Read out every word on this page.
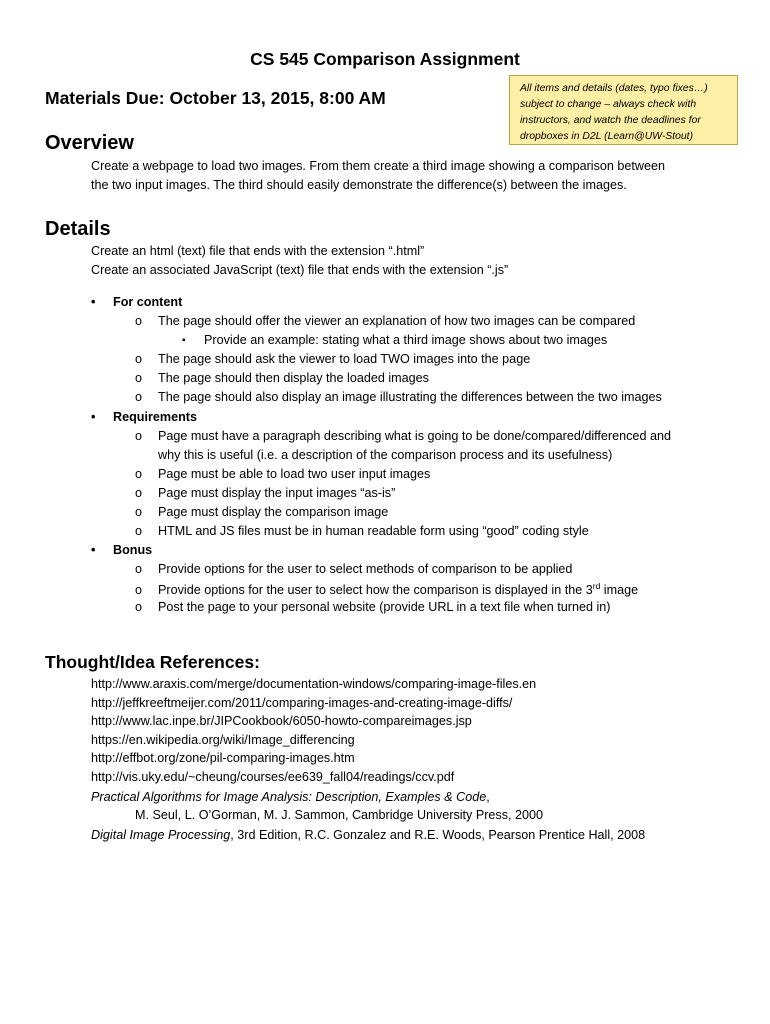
CS 545 Comparison Assignment
Materials Due: October 13, 2015, 8:00 AM	All items and details (dates, typo fixes…)
subject to change – always check with
instructors, and watch the deadlines for
dropboxes in D2L (Learn@UW-Stout)
Overview
Create a webpage to load two images. From them create a third image showing a comparison between
the two input images. The third should easily demonstrate the difference(s) between the images.
Details
Create an html (text) file that ends with the extension “.html”
Create an associated JavaScript (text) file that ends with the extension “.js”
• For content
o The page should offer the viewer an explanation of how two images can be compared
▪ Provide an example: stating what a third image shows about two images
o The page should ask the viewer to load TWO images into the page
o The page should then display the loaded images
o The page should also display an image illustrating the differences between the two images
• Requirements
o Page must have a paragraph describing what is going to be done/compared/differenced and
why this is useful (i.e. a description of the comparison process and its usefulness)
o Page must be able to load two user input images
o Page must display the input images “as-is”
o Page must display the comparison image
o HTML and JS files must be in human readable form using “good” coding style
• Bonus
o Provide options for the user to select methods of comparison to be applied
o Provide options for the user to select how the comparison is displayed in the 3rd image
o Post the page to your personal website (provide URL in a text file when turned in)
Thought/Idea References:
http://www.araxis.com/merge/documentation-windows/comparing-image-files.en
http://jeffkreeftmeijer.com/2011/comparing-images-and-creating-image-diffs/
http://www.lac.inpe.br/JIPCookbook/6050-howto-compareimages.jsp
https://en.wikipedia.org/wiki/Image_differencing
http://effbot.org/zone/pil-comparing-images.htm
http://vis.uky.edu/~cheung/courses/ee639_fall04/readings/ccv.pdf
Practical Algorithms for Image Analysis: Description, Examples & Code,
M. Seul, L. O’Gorman, M. J. Sammon, Cambridge University Press, 2000
Digital Image Processing, 3rd Edition, R.C. Gonzalez and R.E. Woods, Pearson Prentice Hall, 2008
